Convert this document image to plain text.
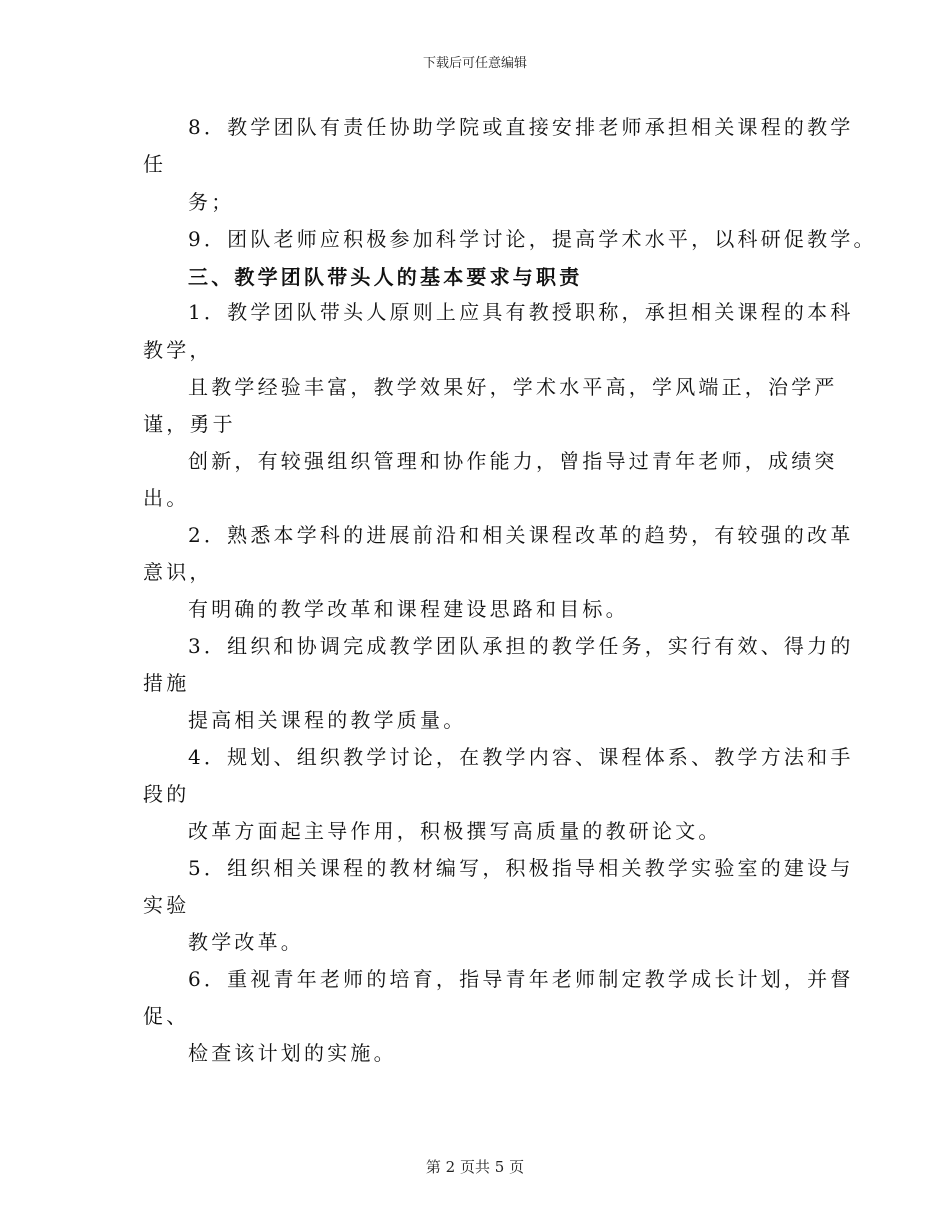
下载后可任意编辑
8．教学团队有责任协助学院或直接安排老师承担相关课程的教学
任
务；
9．团队老师应积极参加科学讨论，提高学术水平，以科研促教学。
三、教学团队带头人的基本要求与职责
1．教学团队带头人原则上应具有教授职称，承担相关课程的本科
教学，
且教学经验丰富，教学效果好，学术水平高，学风端正，治学严
谨，勇于
创新，有较强组织管理和协作能力，曾指导过青年老师，成绩突
出。
2．熟悉本学科的进展前沿和相关课程改革的趋势，有较强的改革
意识，
有明确的教学改革和课程建设思路和目标。
3．组织和协调完成教学团队承担的教学任务，实行有效、得力的
措施
提高相关课程的教学质量。
4．规划、组织教学讨论，在教学内容、课程体系、教学方法和手
段的
改革方面起主导作用，积极撰写高质量的教研论文。
5．组织相关课程的教材编写，积极指导相关教学实验室的建设与
实验
教学改革。
6．重视青年老师的培育，指导青年老师制定教学成长计划，并督
促、
检查该计划的实施。
第 2 页共 5 页
